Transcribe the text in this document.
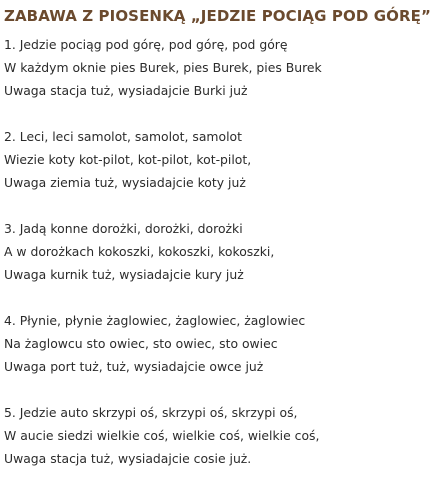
ZABAWA Z PIOSENKĄ „JEDZIE POCIĄG POD GÓRĘ”
1. Jedzie pociąg pod górę, pod górę, pod górę
W każdym oknie pies Burek, pies Burek, pies Burek
Uwaga stacja tuż, wysiadajcie Burki już
2. Leci, leci samolot, samolot, samolot
Wiezie koty kot-pilot, kot-pilot, kot-pilot,
Uwaga ziemia tuż, wysiadajcie koty już
3. Jadą konne dorożki, dorożki, dorożki
A w dorożkach kokoszki, kokoszki, kokoszki,
Uwaga kurnik tuż, wysiadajcie kury już
4. Płynie, płynie żaglowiec, żaglowiec, żaglowiec
Na żaglowcu sto owiec, sto owiec, sto owiec
Uwaga port tuż, tuż, wysiadajcie owce już
5. Jedzie auto skrzypi oś, skrzypi oś, skrzypi oś,
W aucie siedzi wielkie coś, wielkie coś, wielkie coś,
Uwaga stacja tuż, wysiadajcie cosie już.
